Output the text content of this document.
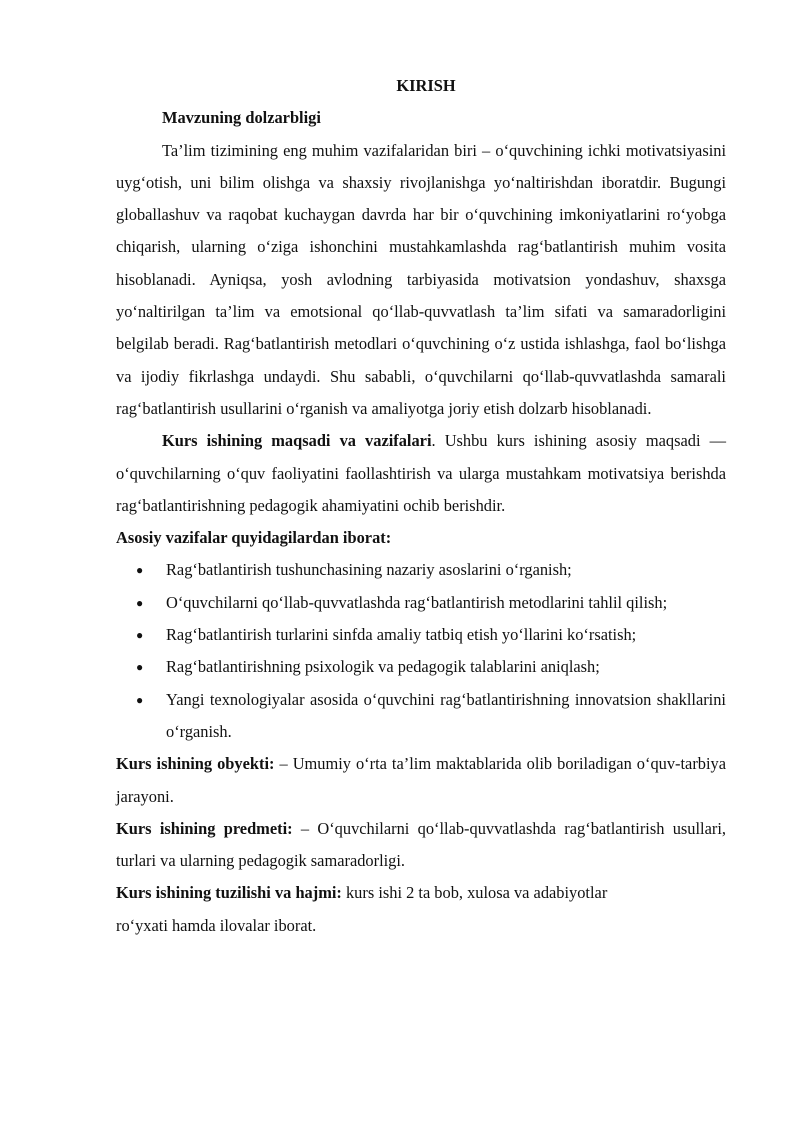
KIRISH

Mavzuning dolzarbligi

Ta’lim tizimining eng muhim vazifalaridan biri – o‘quvchining ichki motivatsiyasini uyg‘otish, uni bilim olishga va shaxsiy rivojlanishga yo‘naltirishdan iboratdir. Bugungi globallashuv va raqobat kuchaygan davrda har bir o‘quvchining imkoniyatlarini ro‘yobga chiqarish, ularning o‘ziga ishonchini mustahkamlashda rag‘batlantirish muhim vosita hisoblanadi. Ayniqsa, yosh avlodning tarbiyasida motivatsion yondashuv, shaxsga yo‘naltirilgan ta’lim va emotsional qo‘llab-quvvatlash ta’lim sifati va samaradorligini belgilab beradi. Rag‘batlantirish metodlari o‘quvchining o‘z ustida ishlashga, faol bo‘lishga va ijodiy fikrlashga undaydi. Shu sababli, o‘quvchilarni qo‘llab-quvvatlashda samarali rag‘batlantirish usullarini o‘rganish va amaliyotga joriy etish dolzarb hisoblanadi.

Kurs ishining maqsadi va vazifalari. Ushbu kurs ishining asosiy maqsadi — o‘quvchilarning o‘quv faoliyatini faollashtirish va ularga mustahkam motivatsiya berishda rag‘batlantirishning pedagogik ahamiyatini ochib berishdir.

Asosiy vazifalar quyidagilardan iborat:

● Rag‘batlantirish tushunchasining nazariy asoslarini o‘rganish;
● O‘quvchilarni qo‘llab-quvvatlashda rag‘batlantirish metodlarini tahlil qilish;
● Rag‘batlantirish turlarini sinfda amaliy tatbiq etish yo‘llarini ko‘rsatish;
● Rag‘batlantirishning psixologik va pedagogik talablarini aniqlash;
● Yangi texnologiyalar asosida o‘quvchini rag‘batlantirishning innovatsion shakllarini o‘rganish.

Kurs ishining obyekti: – Umumiy o‘rta ta’lim maktablarida olib boriladigan o‘quv-tarbiya jarayoni.

Kurs ishining predmeti: – O‘quvchilarni qo‘llab-quvvatlashda rag‘batlantirish usullari, turlari va ularning pedagogik samaradorligi.

Kurs ishining tuzilishi va hajmi: kurs ishi 2 ta bob, xulosa va adabiyotlar
ro‘yxati hamda ilovalar iborat.
